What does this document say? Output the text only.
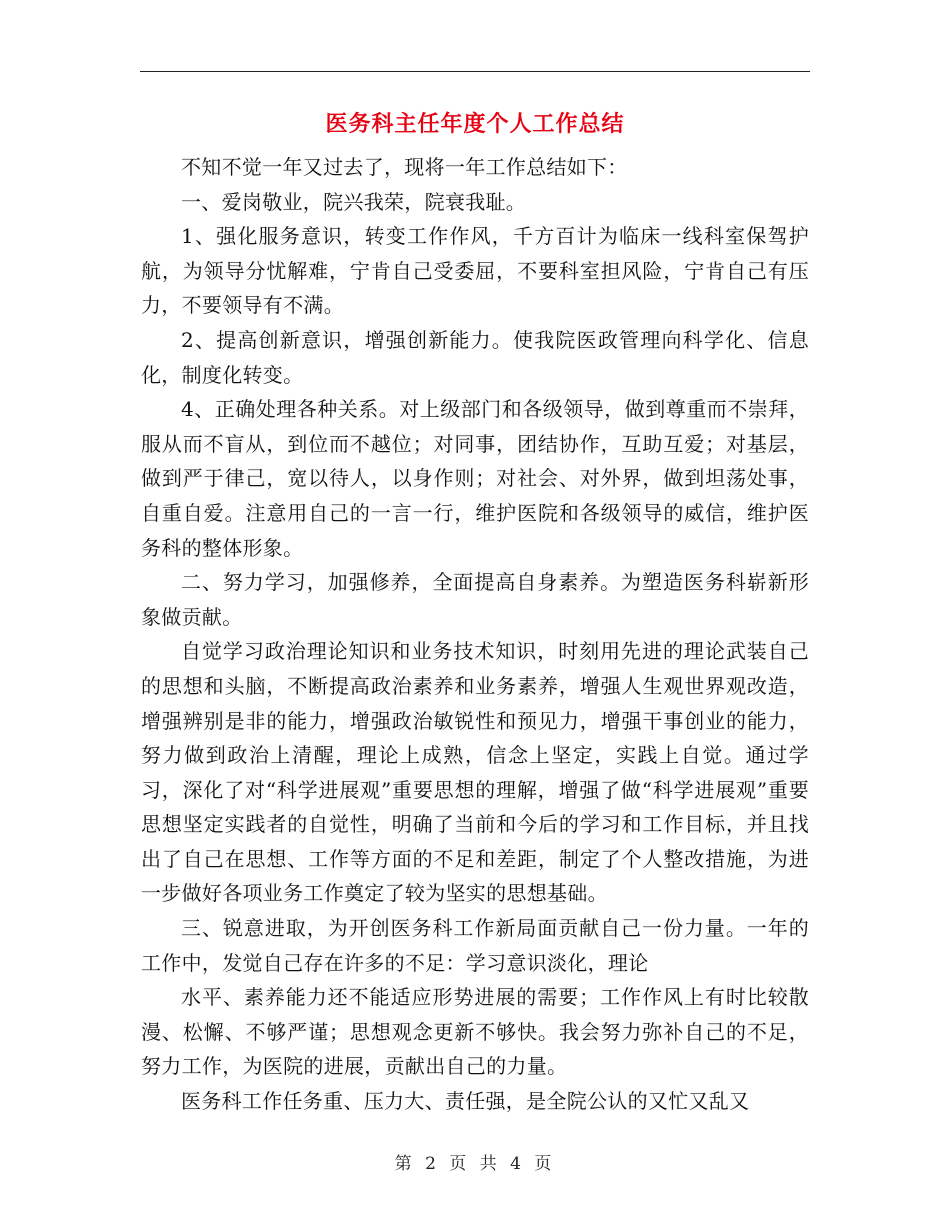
医务科主任年度个人工作总结

不知不觉一年又过去了，现将一年工作总结如下：

一、爱岗敬业，院兴我荣，院衰我耻。

1、强化服务意识，转变工作作风，千方百计为临床一线科室保驾护航，为领导分忧解难，宁肯自己受委屈，不要科室担风险，宁肯自己有压力，不要领导有不满。

2、提高创新意识，增强创新能力。使我院医政管理向科学化、信息化，制度化转变。

4、正确处理各种关系。对上级部门和各级领导，做到尊重而不崇拜，服从而不盲从，到位而不越位；对同事，团结协作，互助互爱；对基层，做到严于律己，宽以待人，以身作则；对社会、对外界，做到坦荡处事，自重自爱。注意用自己的一言一行，维护医院和各级领导的威信，维护医务科的整体形象。

二、努力学习，加强修养，全面提高自身素养。为塑造医务科崭新形象做贡献。

自觉学习政治理论知识和业务技术知识，时刻用先进的理论武装自己的思想和头脑，不断提高政治素养和业务素养，增强人生观世界观改造，增强辨别是非的能力，增强政治敏锐性和预见力，增强干事创业的能力，努力做到政治上清醒，理论上成熟，信念上坚定，实践上自觉。通过学习，深化了对“科学进展观”重要思想的理解，增强了做“科学进展观”重要思想坚定实践者的自觉性，明确了当前和今后的学习和工作目标，并且找出了自己在思想、工作等方面的不足和差距，制定了个人整改措施，为进一步做好各项业务工作奠定了较为坚实的思想基础。

三、锐意进取，为开创医务科工作新局面贡献自己一份力量。一年的工作中，发觉自己存在许多的不足：学习意识淡化，理论

水平、素养能力还不能适应形势进展的需要；工作作风上有时比较散漫、松懈、不够严谨；思想观念更新不够快。我会努力弥补自己的不足，努力工作，为医院的进展，贡献出自己的力量。

医务科工作任务重、压力大、责任强，是全院公认的又忙又乱又

第 2 页 共 4 页
